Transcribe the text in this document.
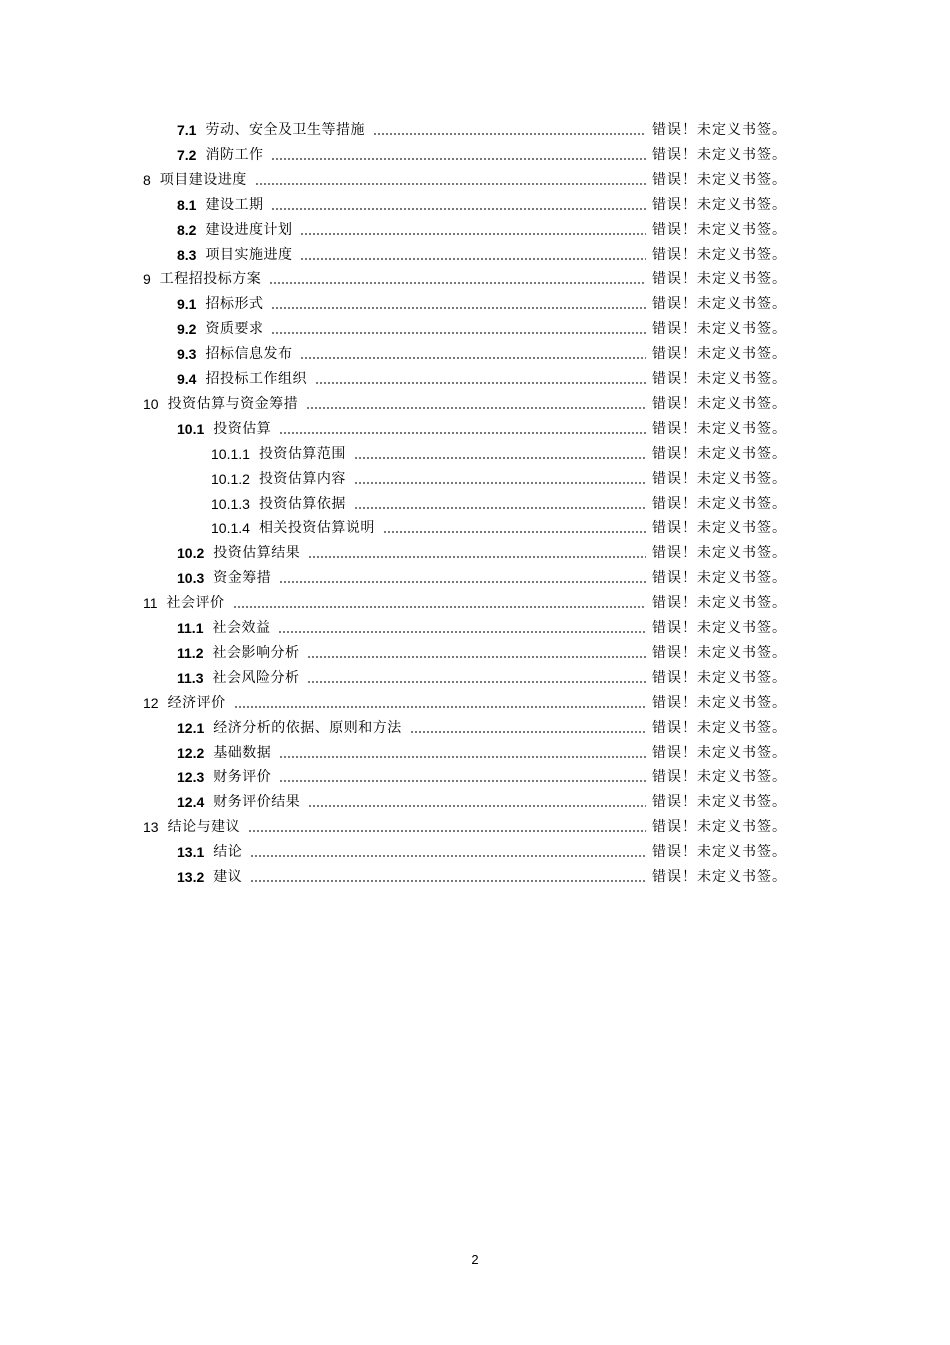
7.1 劳动、安全及卫生等措施	错误！未定义书签。
7.2 消防工作	错误！未定义书签。
8 项目建设进度	错误！未定义书签。
8.1 建设工期	错误！未定义书签。
8.2 建设进度计划	错误！未定义书签。
8.3 项目实施进度	错误！未定义书签。
9 工程招投标方案	错误！未定义书签。
9.1 招标形式	错误！未定义书签。
9.2 资质要求	错误！未定义书签。
9.3 招标信息发布	错误！未定义书签。
9.4 招投标工作组织	错误！未定义书签。
10 投资估算与资金筹措	错误！未定义书签。
10.1 投资估算	错误！未定义书签。
10.1.1 投资估算范围	错误！未定义书签。
10.1.2 投资估算内容	错误！未定义书签。
10.1.3 投资估算依据	错误！未定义书签。
10.1.4 相关投资估算说明	错误！未定义书签。
10.2 投资估算结果	错误！未定义书签。
10.3 资金筹措	错误！未定义书签。
11 社会评价	错误！未定义书签。
11.1 社会效益	错误！未定义书签。
11.2 社会影响分析	错误！未定义书签。
11.3 社会风险分析	错误！未定义书签。
12 经济评价	错误！未定义书签。
12.1 经济分析的依据、原则和方法	错误！未定义书签。
12.2 基础数据	错误！未定义书签。
12.3 财务评价	错误！未定义书签。
12.4 财务评价结果	错误！未定义书签。
13 结论与建议	错误！未定义书签。
13.1 结论	错误！未定义书签。
13.2 建议	错误！未定义书签。
2
